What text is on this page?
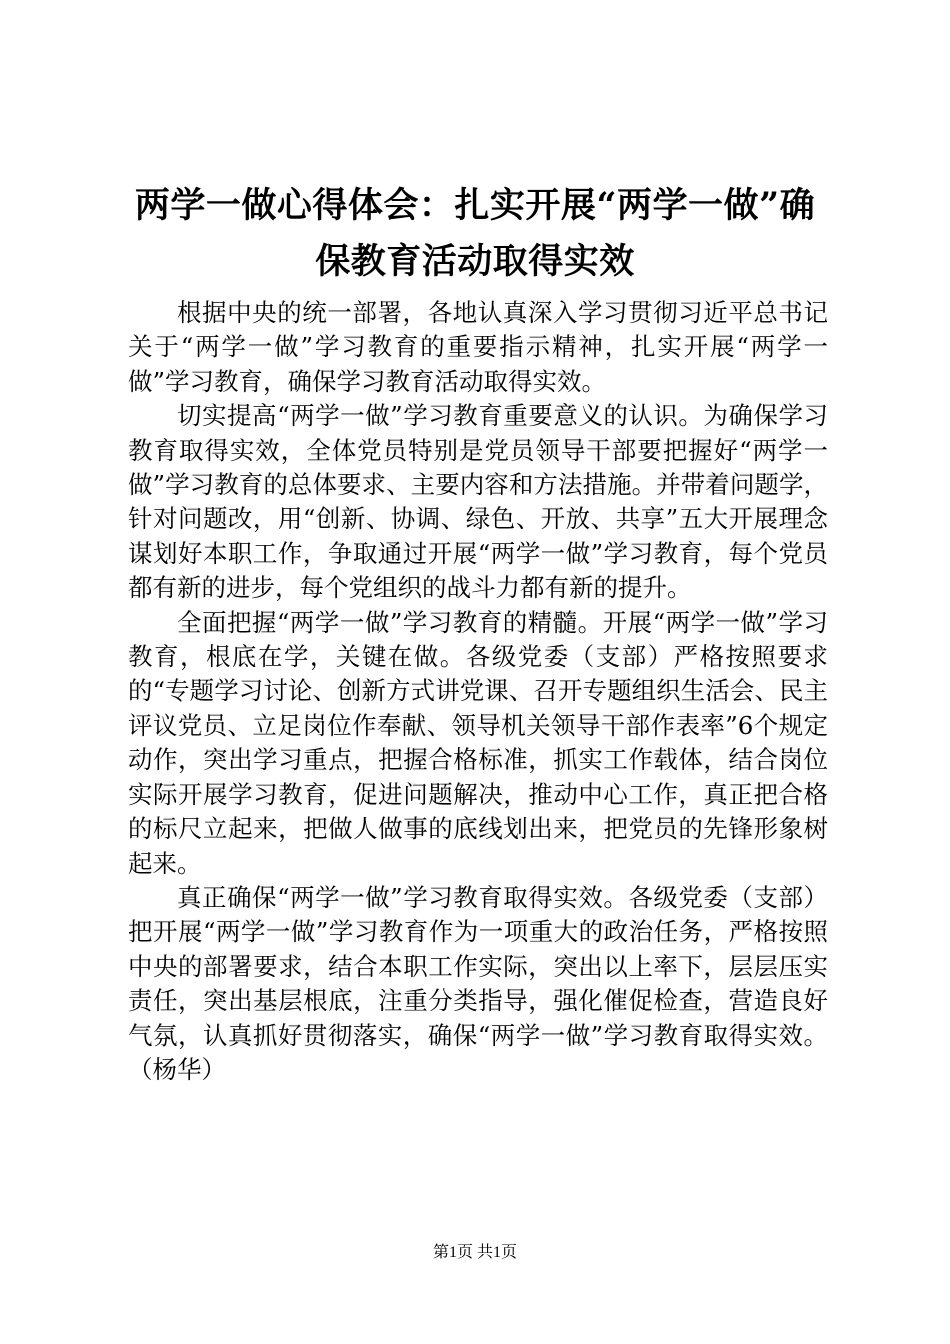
两学一做心得体会：扎实开展“两学一做”确
保教育活动取得实效

根据中央的统一部署，各地认真深入学习贯彻习近平总书记关于“两学一做”学习教育的重要指示精神，扎实开展“两学一做”学习教育，确保学习教育活动取得实效。

切实提高“两学一做”学习教育重要意义的认识。为确保学习教育取得实效，全体党员特别是党员领导干部要把握好“两学一做”学习教育的总体要求、主要内容和方法措施。并带着问题学，针对问题改，用“创新、协调、绿色、开放、共享”五大开展理念谋划好本职工作，争取通过开展“两学一做”学习教育，每个党员都有新的进步，每个党组织的战斗力都有新的提升。

全面把握“两学一做”学习教育的精髓。开展“两学一做”学习教育，根底在学，关键在做。各级党委（支部）严格按照要求的“专题学习讨论、创新方式讲党课、召开专题组织生活会、民主评议党员、立足岗位作奉献、领导机关领导干部作表率”6个规定动作，突出学习重点，把握合格标准，抓实工作载体，结合岗位实际开展学习教育，促进问题解决，推动中心工作，真正把合格的标尺立起来，把做人做事的底线划出来，把党员的先锋形象树起来。

真正确保“两学一做”学习教育取得实效。各级党委（支部）把开展“两学一做”学习教育作为一项重大的政治任务，严格按照中央的部署要求，结合本职工作实际，突出以上率下，层层压实责任，突出基层根底，注重分类指导，强化催促检查，营造良好气氛，认真抓好贯彻落实，确保“两学一做”学习教育取得实效。（杨华）

第1页 共1页
